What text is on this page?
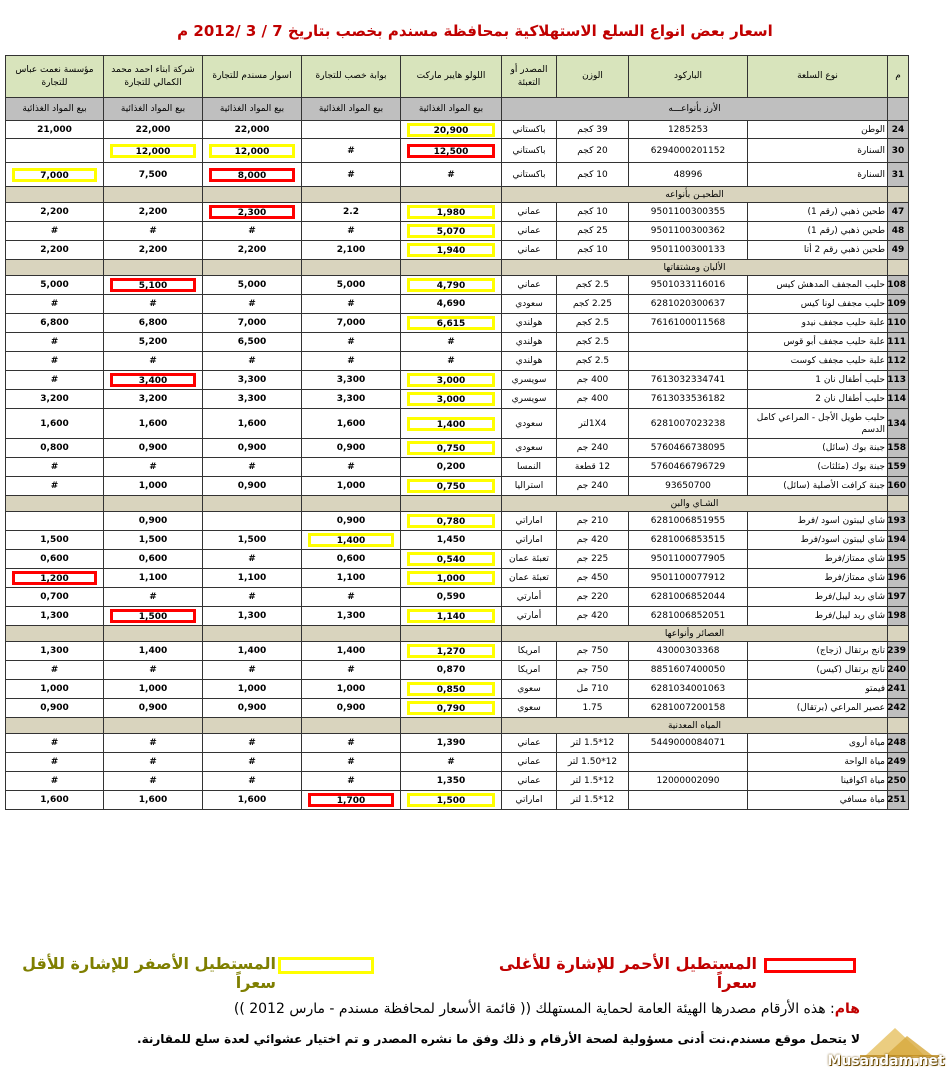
اسعار بعض انواع السلع الاستهلاكية بمحافظة مسندم بخصب بتاريخ 7 / 3 /2012 م
م	نوع السلعة	الباركود	الوزن	المصدر أو التعبئة	اللولو هايبر ماركت	بوابة خصب للتجارة	اسوار مسندم للتجارة	شركة ابناء احمد محمد الكمالي للتجارة	مؤسسة نعمت عباس للتجارة
	الأرز بأنواعـــه				بيع المواد الغذائية	بيع المواد الغذائية	بيع المواد الغذائية	بيع المواد الغذائية	بيع المواد الغذائية
24	الوطن	1285253	39 كجم	باكستاني	20,900		22,000	22,000	21,000
30	السنارة	6294000201152	20 كجم	باكستاني	12,500	#	12,000	12,000	
31	السنارة	48996	10 كجم	باكستاني	#	#	8,000	7,500	7,000
	الطحيـن بأنواعه								
47	طحين ذهبي (رقم 1)	9501100300355	10 كجم	عماني	1,980	2.2	2,300	2,200	2,200
48	طحين ذهبي (رقم 1)	9501100300362	25 كجم	عماني	5,070	#	#	#	#
49	طحين ذهبي رقم 2 أتا	9501100300133	10 كجم	عماني	1,940	2,100	2,200	2,200	2,200
	الألبان ومشتقاتها								
108	حليب المجفف المدهش كيس	9501033116016	2.5 كجم	عماني	4,790	5,000	5,000	5,100	5,000
109	حليب مجفف لونا كيس	6281020300637	2.25 كجم	سعودي	4,690	#	#	#	#
110	علبة حليب مجفف نيدو	7616100011568	2.5 كجم	هولندي	6,615	7,000	7,000	6,800	6,800
111	علبة حليب مجفف أبو قوس		2.5 كجم	هولندي	#	#	6,500	5,200	#
112	علبة حليب مجفف كوست		2.5 كجم	هولندي	#	#	#	#	#
113	حليب أطفال نان 1	7613032334741	400 جم	سويسري	3,000	3,300	3,300	3,400	#
114	حليب أطفال نان 2	7613033536182	400 جم	سويسري	3,000	3,300	3,300	3,200	3,200
134	حليب طويل الأجل - المراعي كامل الدسم	6281007023238	1X4لتر	سعودي	1,400	1,600	1,600	1,600	1,600
158	جبنة بوك (سائل)	5760466738095	240 جم	سعودي	0,750	0,900	0,900	0,900	0,800
159	جبنة بوك (مثلثات)	5760466796729	12 قطعة	النمسا	0,200	#	#	#	#
160	جبنة كرافت الأصلية (سائل)	93650700	240 جم	استراليا	0,750	1,000	0,900	1,000	#
	الشـاي والبن								
193	شاي ليبتون اسود /فرط	6281006851955	210 جم	اماراتي	0,780	0,900		0,900	
194	شاي ليبتون اسود/فرط	6281006853515	420 جم	اماراتي	1,450	1,400	1,500	1,500	1,500
195	شاي ممتاز/فرط	9501100077905	225 جم	تعبئة عمان	0,540	0,600	#	0,600	0,600
196	شاي ممتاز/فرط	9501100077912	450 جم	تعبئة عمان	1,000	1,100	1,100	1,100	1,200
197	شاي ربد ليبل/فرط	6281006852044	220 جم	أمارتي	0,590	#	#	#	0,700
198	شاي ربد ليبل/فرط	6281006852051	420 جم	أمارتي	1,140	1,300	1,300	1,500	1,300
	العصائر وأنواعها								
239	تانج برتقال (زجاج)	43000303368	750 جم	امريكا	1,270	1,400	1,400	1,400	1,300
240	تانج برتقال (كيس)	8851607400050	750 جم	امريكا	0,870	#	#	#	#
241	فيمتو	6281034001063	710 مل	سعوي	0,850	1,000	1,000	1,000	1,000
242	عصير المراعي (برتقال)	6281007200158	1.75	سعوي	0,790	0,900	0,900	0,900	0,900
	المياه المعدنية								
248	مياة أروى	5449000084071	12*1.5 لتر	عماني	1,390	#	#	#	#
249	مياة الواحة		12*1.50 لتر	عماني	#	#	#	#	#
250	مياة اكوافينا	12000002090	12*1.5 لتر	عماني	1,350	#	#	#	#
251	مياة مسافي		12*1.5 لتر	اماراتي	1,500	1,700	1,600	1,600	1,600
المستطيل الأحمر للإشارة للأغلى سعراً
المستطيل الأصفر للإشارة للأقل سعراً
هام: هذه الأرقام مصدرها الهيئة العامة لحماية المستهلك (( قائمة الأسعار لمحافظة مسندم - مارس 2012 ))
لا يتحمل موقع مسندم.نت أدنى مسؤولية لصحة الأرقام و ذلك وفق ما نشره المصدر و تم اختيار عشوائي لعدة سلع للمقارنة.
Musandam.net
